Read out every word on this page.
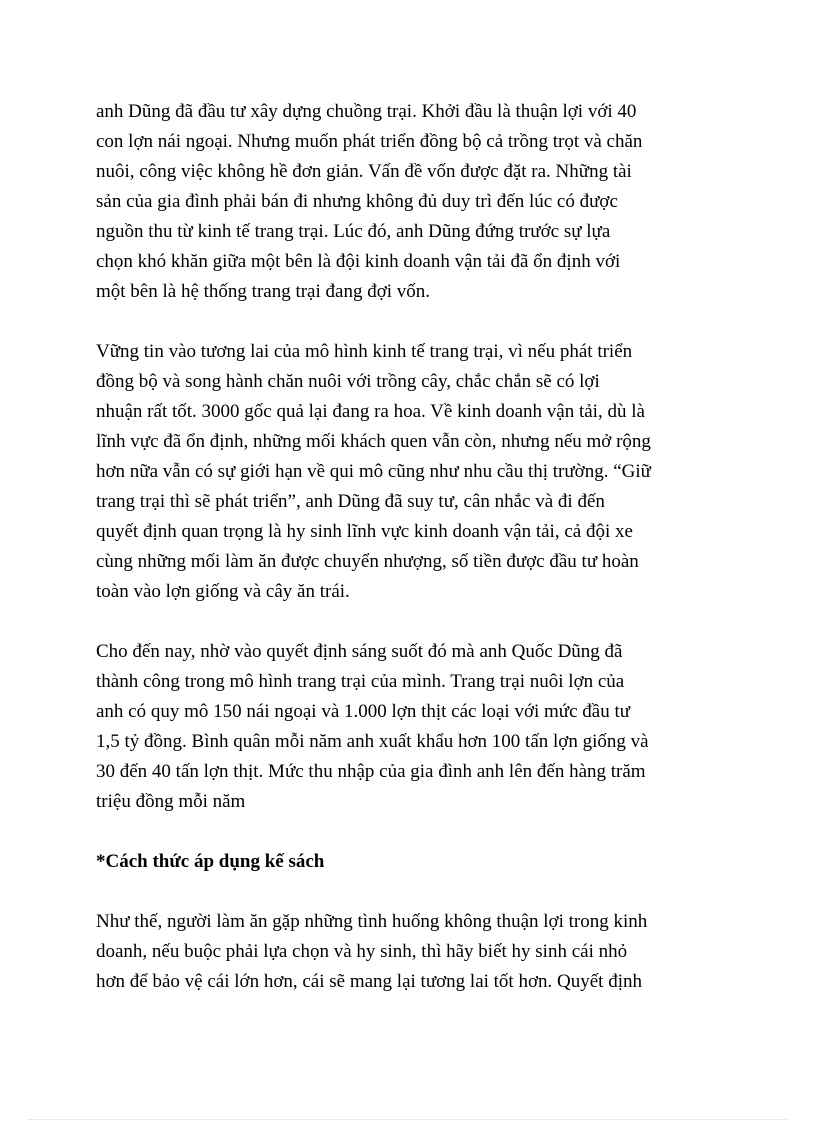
anh Dũng đã đầu tư xây dựng chuồng trại. Khởi đầu là thuận lợi với 40
con lợn nái ngoại. Nhưng muốn phát triển đồng bộ cả trồng trọt và chăn
nuôi, công việc không hề đơn giản. Vấn đề vốn được đặt ra. Những tài
sản của gia đình phải bán đi nhưng không đủ duy trì đến lúc có được
nguồn thu từ kinh tế trang trại. Lúc đó, anh Dũng đứng trước sự lựa
chọn khó khăn giữa một bên là đội kinh doanh vận tải đã ổn định với
một bên là hệ thống trang trại đang đợi vốn.
Vững tin vào tương lai của mô hình kinh tế trang trại, vì nếu phát triển
đồng bộ và song hành chăn nuôi với trồng cây, chắc chắn sẽ có lợi
nhuận rất tốt. 3000 gốc quả lại đang ra hoa. Về kinh doanh vận tải, dù là
lĩnh vực đã ổn định, những mối khách quen vẫn còn, nhưng nếu mở rộng
hơn nữa vẫn có sự giới hạn về qui mô cũng như nhu cầu thị trường. “Giữ
trang trại thì sẽ phát triển”, anh Dũng đã suy tư, cân nhắc và đi đến
quyết định quan trọng là hy sinh lĩnh vực kinh doanh vận tải, cả đội xe
cùng những mối làm ăn được chuyển nhượng, số tiền được đầu tư hoàn
toàn vào lợn giống và cây ăn trái.
Cho đến nay, nhờ vào quyết định sáng suốt đó mà anh Quốc Dũng đã
thành công trong mô hình trang trại của mình. Trang trại nuôi lợn của
anh có quy mô 150 nái ngoại và 1.000 lợn thịt các loại với mức đầu tư
1,5 tỷ đồng. Bình quân mỗi năm anh xuất khẩu hơn 100 tấn lợn giống và
30 đến 40 tấn lợn thịt. Mức thu nhập của gia đình anh lên đến hàng trăm
triệu đồng mỗi năm
*Cách thức áp dụng kế sách
Như thế, người làm ăn gặp những tình huống không thuận lợi trong kinh
doanh, nếu buộc phải lựa chọn và hy sinh, thì hãy biết hy sinh cái nhỏ
hơn để bảo vệ cái lớn hơn, cái sẽ mang lại tương lai tốt hơn. Quyết định
